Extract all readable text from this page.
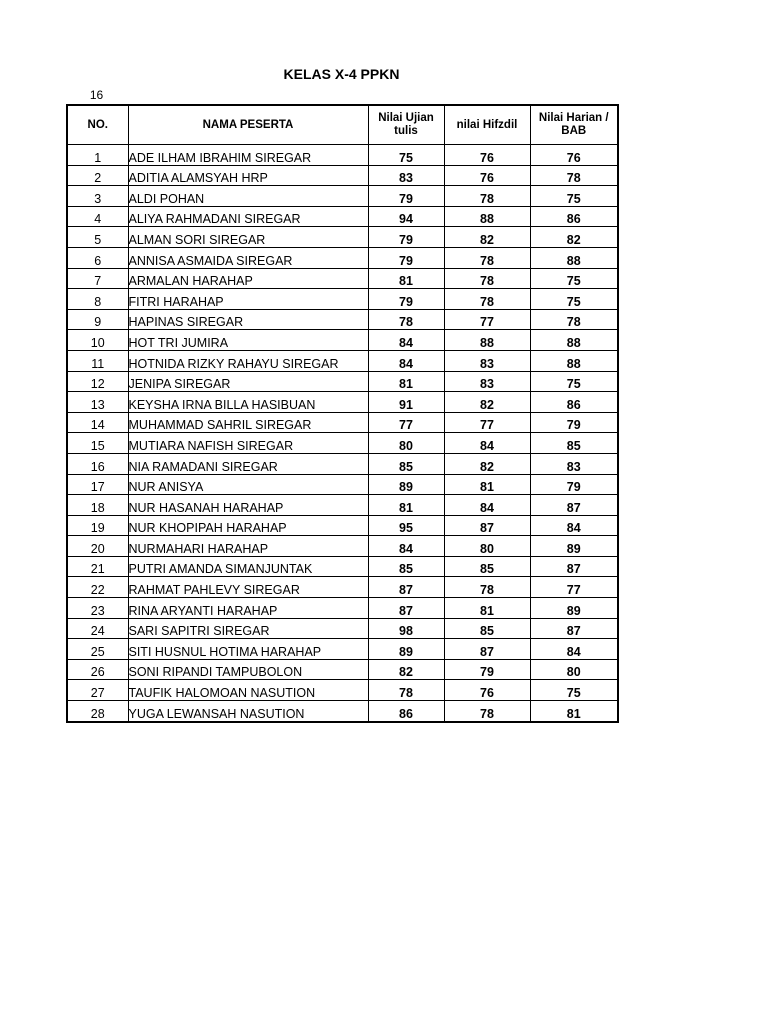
KELAS X-4 PPKN
16
NO.	NAMA PESERTA	Nilai Ujian tulis	nilai Hifzdil	Nilai Harian / BAB
1	ADE ILHAM IBRAHIM SIREGAR	75	76	76
2	ADITIA ALAMSYAH HRP	83	76	78
3	ALDI POHAN	79	78	75
4	ALIYA RAHMADANI SIREGAR	94	88	86
5	ALMAN SORI SIREGAR	79	82	82
6	ANNISA ASMAIDA SIREGAR	79	78	88
7	ARMALAN HARAHAP	81	78	75
8	FITRI HARAHAP	79	78	75
9	HAPINAS SIREGAR	78	77	78
10	HOT TRI JUMIRA	84	88	88
11	HOTNIDA RIZKY RAHAYU SIREGAR	84	83	88
12	JENIPA SIREGAR	81	83	75
13	KEYSHA IRNA BILLA HASIBUAN	91	82	86
14	MUHAMMAD SAHRIL SIREGAR	77	77	79
15	MUTIARA NAFISH SIREGAR	80	84	85
16	NIA RAMADANI SIREGAR	85	82	83
17	NUR ANISYA	89	81	79
18	NUR HASANAH HARAHAP	81	84	87
19	NUR KHOPIPAH HARAHAP	95	87	84
20	NURMAHARI HARAHAP	84	80	89
21	PUTRI AMANDA SIMANJUNTAK	85	85	87
22	RAHMAT PAHLEVY SIREGAR	87	78	77
23	RINA ARYANTI HARAHAP	87	81	89
24	SARI SAPITRI SIREGAR	98	85	87
25	SITI HUSNUL HOTIMA HARAHAP	89	87	84
26	SONI RIPANDI TAMPUBOLON	82	79	80
27	TAUFIK HALOMOAN NASUTION	78	76	75
28	YUGA LEWANSAH NASUTION	86	78	81
